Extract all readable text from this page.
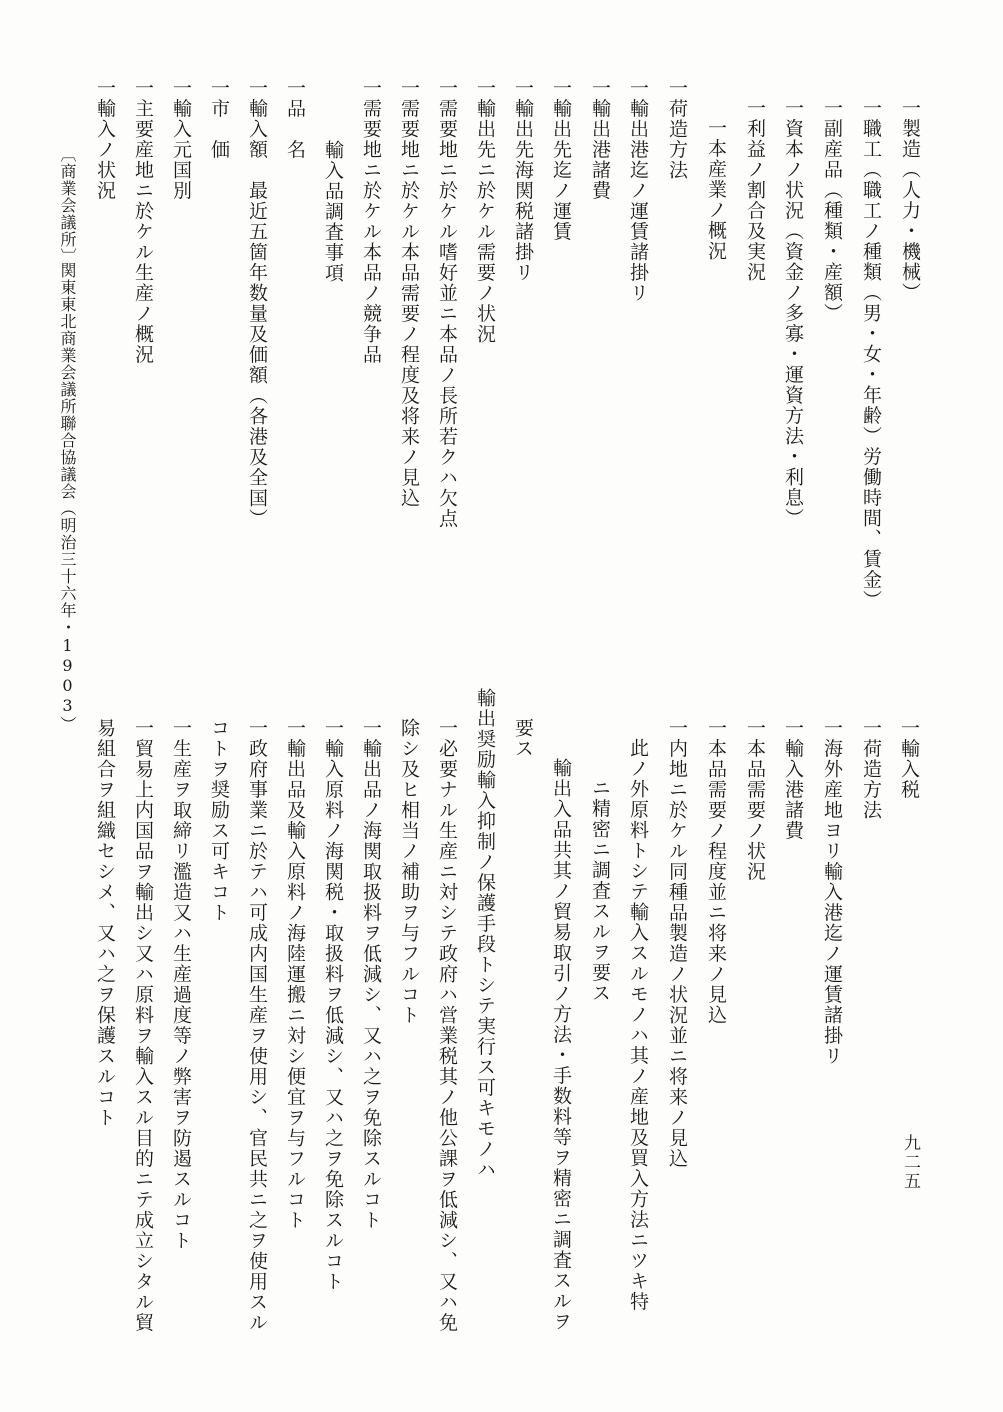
一製造（人力・機械）
一職工（職工ノ種類（男・女・年齢）労働時間、賃金）
一副産品（種類・産額）
一資本ノ状況（資金ノ多寡・運資方法・利息）
一利益ノ割合及実況
一本産業ノ概況
一荷造方法
一輸出港迄ノ運賃諸掛リ
一輸出港諸費
一輸出先迄ノ運賃
一輸出先海関税諸掛リ
一輸出先ニ於ケル需要ノ状況
一需要地ニ於ケル嗜好並ニ本品ノ長所若クハ欠点
一需要地ニ於ケル本品需要ノ程度及将来ノ見込
一需要地ニ於ケル本品ノ競争品
輸入品調査事項
一品　名
一輸入額　最近五箇年数量及価額（各港及全国）
一市　価
一輸入元国別
一主要産地ニ於ケル生産ノ概況
一輸入ノ状況
〔商業会議所〕
関東東北商業会議所聯合協議会（明治三十六年・1903）
一輸入税
一荷造方法
一海外産地ヨリ輸入港迄ノ運賃諸掛リ
一輸入港諸費
一本品需要ノ状況
一本品需要ノ程度並ニ将来ノ見込
一内地ニ於ケル同種品製造ノ状況並ニ将来ノ見込
此ノ外原料トシテ輸入スルモノハ其ノ産地及買入方法ニツキ特
ニ精密ニ調査スルヲ要ス
輸出入品共其ノ貿易取引ノ方法・手数料等ヲ精密ニ調査スルヲ
要ス
輸出奨励輸入抑制ノ保護手段トシテ実行ス可キモノハ
一必要ナル生産ニ対シテ政府ハ営業税其ノ他公課ヲ低減シ、又ハ免
除シ及ヒ相当ノ補助ヲ与フルコト
一輸出品ノ海関取扱料ヲ低減シ、又ハ之ヲ免除スルコト
一輸入原料ノ海関税・取扱料ヲ低減シ、又ハ之ヲ免除スルコト
一輸出品及輸入原料ノ海陸運搬ニ対シ便宜ヲ与フルコト
一政府事業ニ於テハ可成内国生産ヲ使用シ、官民共ニ之ヲ使用スル
コトヲ奨励ス可キコト
一生産ヲ取締リ濫造又ハ生産過度等ノ弊害ヲ防遏スルコト
一貿易上内国品ヲ輸出シ又ハ原料ヲ輸入スル目的ニテ成立シタル貿
易組合ヲ組織セシメ、又ハ之ヲ保護スルコト
九二五
